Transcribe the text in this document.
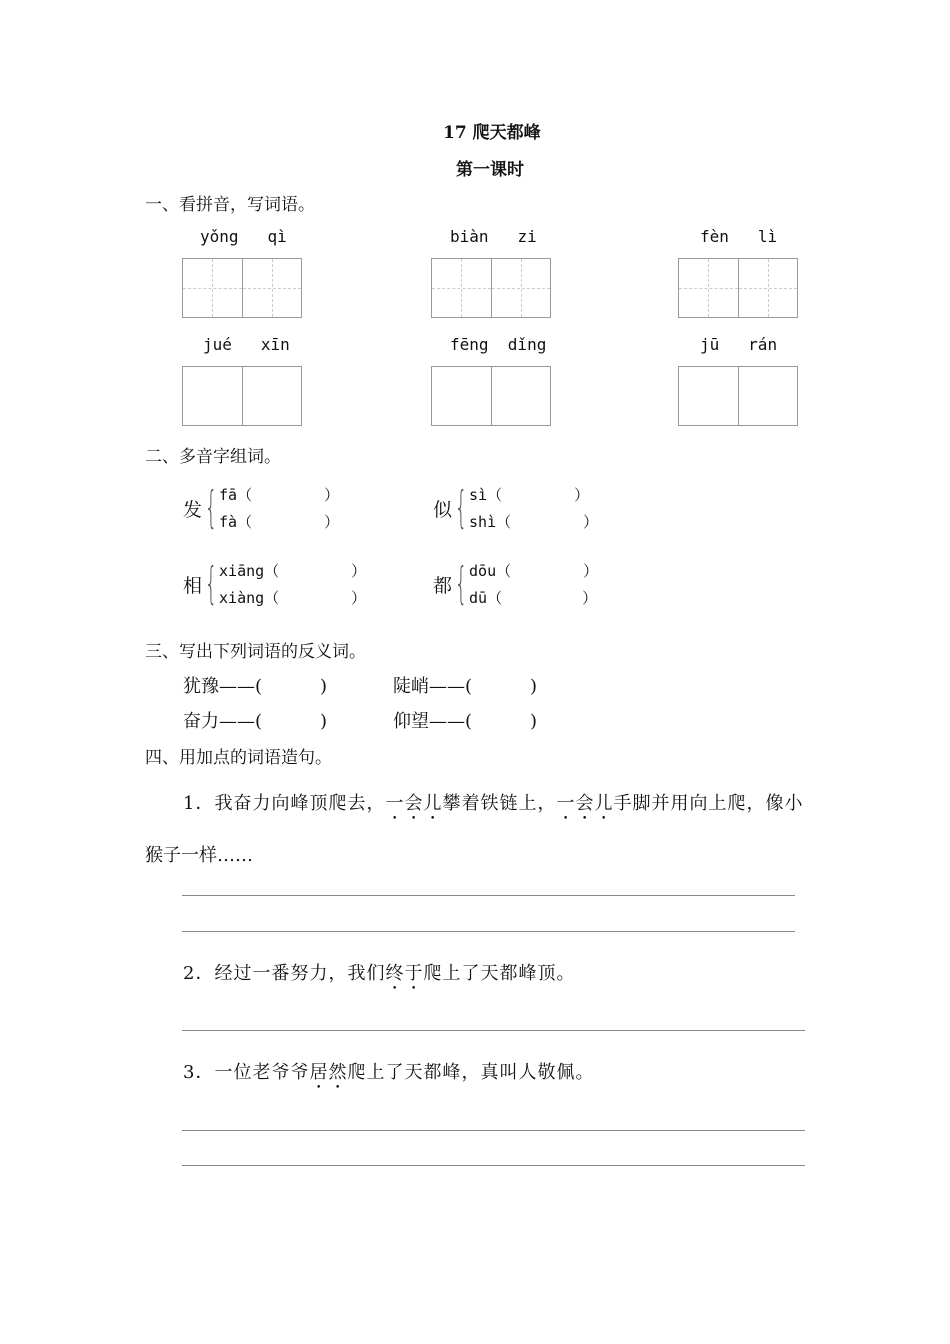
17 爬天都峰
第一课时
一、看拼音，写词语。
yǒng qì	biàn zi	fèn lì
jué xīn	fēng dǐng	jū rán
二、多音字组词。
发 { fā（	）
fà（	）
似 { sì（	）
shì（	）
相 { xiāng（	）
xiàng（	）
都 { dōu（	）
dū（	）
三、写出下列词语的反义词。
犹豫——(	)	陡峭——(	)
奋力——(	)	仰望——(	)
四、用加点的词语造句。
1．我奋力向峰顶爬去，一会儿攀着铁链上，一会儿手脚并用向上爬，像小
猴子一样……
2．经过一番努力，我们终于爬上了天都峰顶。
3．一位老爷爷居然爬上了天都峰，真叫人敬佩。
